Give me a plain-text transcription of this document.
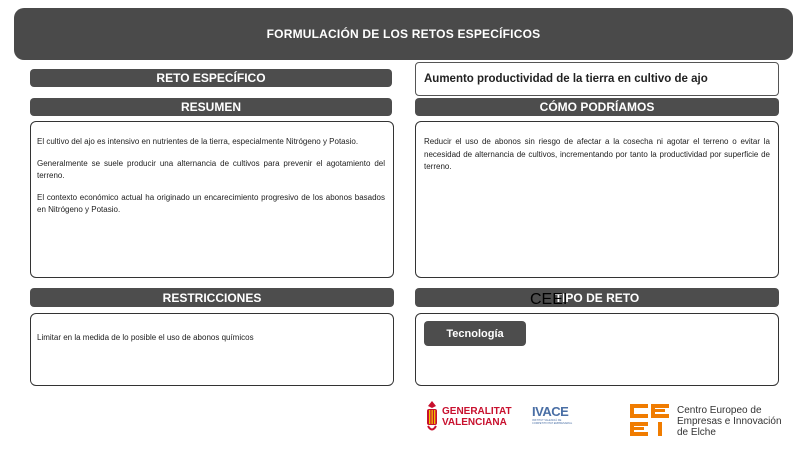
FORMULACIÓN DE LOS RETOS ESPECÍFICOS
RETO ESPECÍFICO	Aumento productividad de la tierra en cultivo de ajo
RESUMEN

El cultivo del ajo es intensivo en nutrientes de la tierra, especialmente Nitrógeno y Potasio.

Generalmente se suele producir una alternancia de cultivos para prevenir el agotamiento del terreno.

El contexto económico actual ha originado un encarecimiento progresivo de los abonos basados en Nitrógeno y Potasio.

CÓMO PODRÍAMOS

Reducir el uso de abonos sin riesgo de afectar a la cosecha ni agotar el terreno o evitar la necesidad de alternancia de cultivos, incrementando por tanto la productividad por superficie de terreno.

RESTRICCIONES

Limitar en la medida de lo posible el uso de abonos químicos

TIPO DE RETO
Tecnología
GENERALITAT
VALENCIANA
IVACE
INSTITUT VALENCIÀ DE COMPETITIVITAT EMPRESARIAL
CEEI
Centro Europeo de
Empresas e Innovación
de Elche
